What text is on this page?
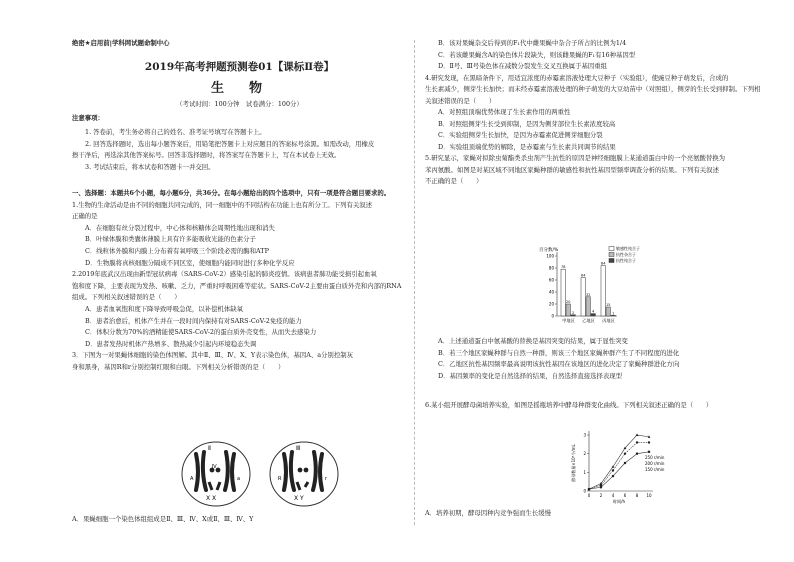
绝密★启用前|学科网试题命制中心
2019年高考押题预测卷01【课标Ⅱ卷】
生　物
（考试时间：100分钟　试卷满分：100分）
注意事项：

1. 答卷前，考生务必将自己的姓名、准考证号填写在答题卡上。

2. 回答选择题时，选出每小题答案后，用铅笔把答题卡上对应题目的答案标号涂黑。如需改动，用橡皮

擦干净后，再选涂其他答案标号。回答非选择题时，将答案写在答题卡上，写在本试卷上无效。

3. 考试结束后，将本试卷和答题卡一并交回。

一、选择题：本题共6个小题，每小题6分，共36分。在每小题给出的四个选项中，只有一项是符合题目要求的。

1.生物的生命活动是由不同的细胞共同完成的，同一细胞中的不同结构在功能上也有所分工。下列有关叙述

正确的是

A．在细胞有丝分裂过程中，中心体和核糖体会周期性地出现和消失

B．叶绿体膜和类囊体薄膜上具有许多能吸收光能的色素分子

C．线粒体外膜和内膜上分布着有氧呼吸三个阶段必需的酶和ATP

D．生物膜将真核细胞分隔成不同区室，使细胞内能同时进行多种化学反应

2.2019年底武汉出现由新型冠状病毒（SARS-CoV-2）感染引起的肺炎疫情。该病患者肺功能受损引起血氧

饱和度下降，主要表现为发热、咳嗽、乏力，严重时呼吸困难等症状。SARS-CoV-2主要由蛋白质外壳和内部的RNA

组成。下列相关叙述错误的是（　　）

A．患者血氧饱和度下降导致呼吸急促，以补偿机体缺氧

B．患者治愈后，机体产生并在一段时间内保持有对SARS-CoV-2免疫的能力

C．体积分数为70%的酒精能使SARS-CoV-2的蛋白质外壳变性，从而失去感染力

D．患者发热时机体产热增多、散热减少引起内环境稳态失调

3．下图为一对果蝇体细胞的染色体图解。其中Ⅱ、Ⅲ、Ⅳ、X、Y表示染色体，基因A、a分别控制灰

身和黑身，基因R和r分别控制红眼和白眼。下列相关分析错误的是（　　）

Ⅱ
Ⅳ
A	a
X X
Ⅲ
R	r
X Y
A．果蝇细胞一个染色体组组成是Ⅱ、Ⅲ、Ⅳ、X或Ⅱ、Ⅲ、Ⅳ、Y

B．该对果蝇杂交后得到的F₁代中雌果蝇中杂合子所占的比例为1/4

C．若该雌果蝇含A的染色体片段缺失，则该雌果蝇的F₁有16种基因型

D．Ⅱ号、Ⅲ号染色体在减数分裂发生交叉互换属于基因重组

4.研究发现，在黑暗条件下，用适宜浓度的赤霉素溶液处理大豆种子（实验组），使豌豆种子萌发后，合成的

生长素减少，侧芽生长加快；而未经赤霉素溶液处理的种子萌发的大豆幼苗中（对照组），侧芽的生长受到抑制。下列相

关叙述错误的是（　　）

A．对照组顶端优势体现了生长素作用的两重性

B．对照组侧芽生长受到抑制，是因为侧芽部位生长素浓度较高

C．实验组侧芽生长加快，是因为赤霉素促进侧芽细胞分裂

D．实验组顶端优势的解除，是赤霉素与生长素共同调节的结果

5.研究显示，家蝇对拟除虫菊酯类杀虫剂产生抗性的原因是神经细胞膜上某通道蛋白中的一个亮氨酸替换为

苯丙氨酸。如图是对某区域不同地区家蝇种群的敏感性和抗性基因型频率调查分析的结果。下列有关叙述

不正确的是（　　）

百分数/%
0
20
40
60
80
100
78
20
2
甲地区
64
32
4
乙地区
84
15
1
丙地区
敏感性纯合子
抗性杂合子
抗性纯合子

A．上述通道蛋白中氨基酸的替换是基因突变的结果，属于显性突变

B．若三个地区家蝇种群与自然一种群，则该三个地区家蝇种群产生了不同程度的进化

C．乙地区抗性基因频率最高说明该抗性基因在该地区的进化决定了家蝇种群进化方向

D．基因频率的变化是自然选择的结果，自然选择直接选择表现型

6.某小组开展酵母菌培养实验，如图是摇瓶培养中酵母种群变化曲线。下列相关叙述正确的是（　　）
酵母数量×10⁸个/mL
时间/h
0
1
2
3
0 2 4 6 8 10
250 r/min
200 r/min
150 r/min
A．培养初期，酵母因种内竞争强而生长缓慢
